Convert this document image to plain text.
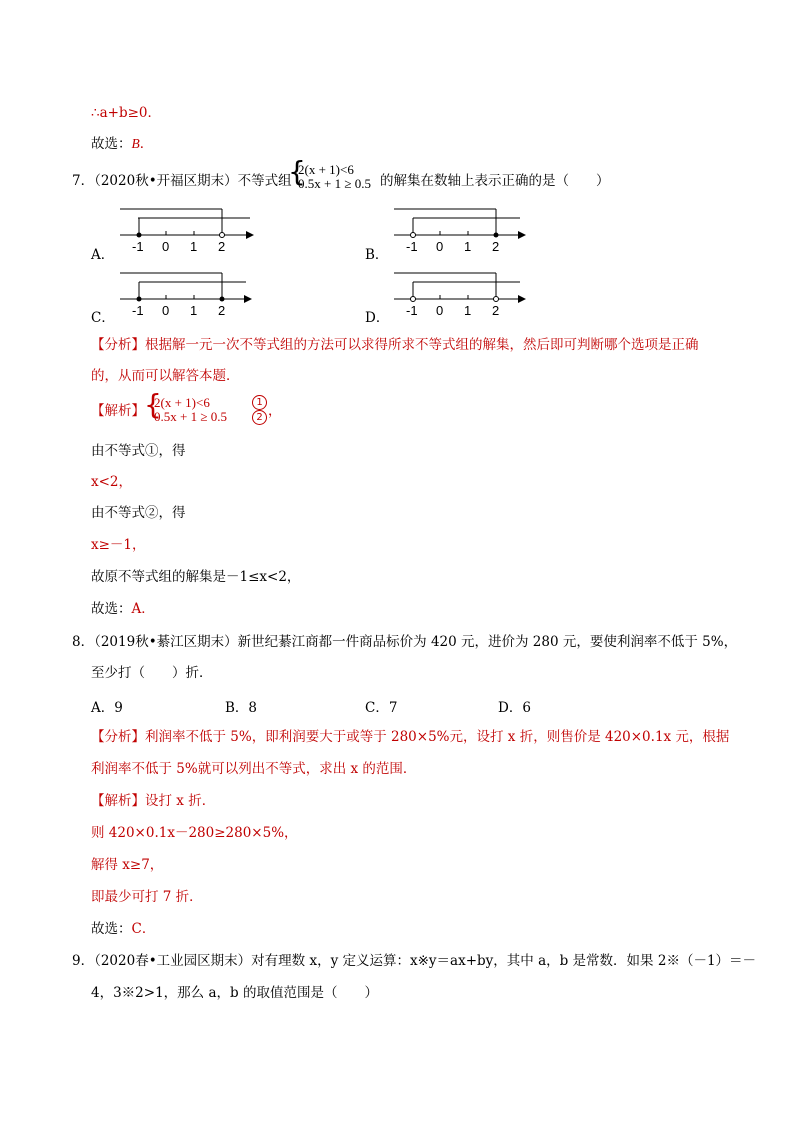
∴a+b≥0．
故选：B．
7．（2020秋•开福区期末）不等式组
{
2(x + 1)<6
0.5x + 1 ≥ 0.5 的解集在数轴上表示正确的是（　　）
A．
-1 0 1 2
B．
-1 0 1 2
C． -1 0 1 2	D． -1 0 1 2
【分析】根据解一元一次不等式组的方法可以求得所求不等式组的解集，然后即可判断哪个选项是正确
的，从而可以解答本题．
【解析】 {
2(x + 1)<6
0.5x + 1 ≥ 0.5
1
2 ，
由不等式①，得
x<2，
由不等式②，得
x≥－1，
故原不等式组的解集是－1≤x<2，
故选：A．
8．（2019秋•綦江区期末）新世纪綦江商都一件商品标价为 420 元，进价为 280 元，要使利润率不低于 5%，
至少打（　　）折．
A．9	B．8	C．7	D．6
【分析】利润率不低于 5%，即利润要大于或等于 280×5%元，设打 x 折，则售价是 420×0.1x 元，根据
利润率不低于 5%就可以列出不等式，求出 x 的范围．
【解析】设打 x 折．
则 420×0.1x－280≥280×5%，
解得 x≥7，
即最少可打 7 折．
故选：C．
9．（2020春•工业园区期末）对有理数 x，y 定义运算：x※y＝ax+by，其中 a，b 是常数．如果 2※（－1）＝－
4，3※2>1，那么 a，b 的取值范围是（　　）
